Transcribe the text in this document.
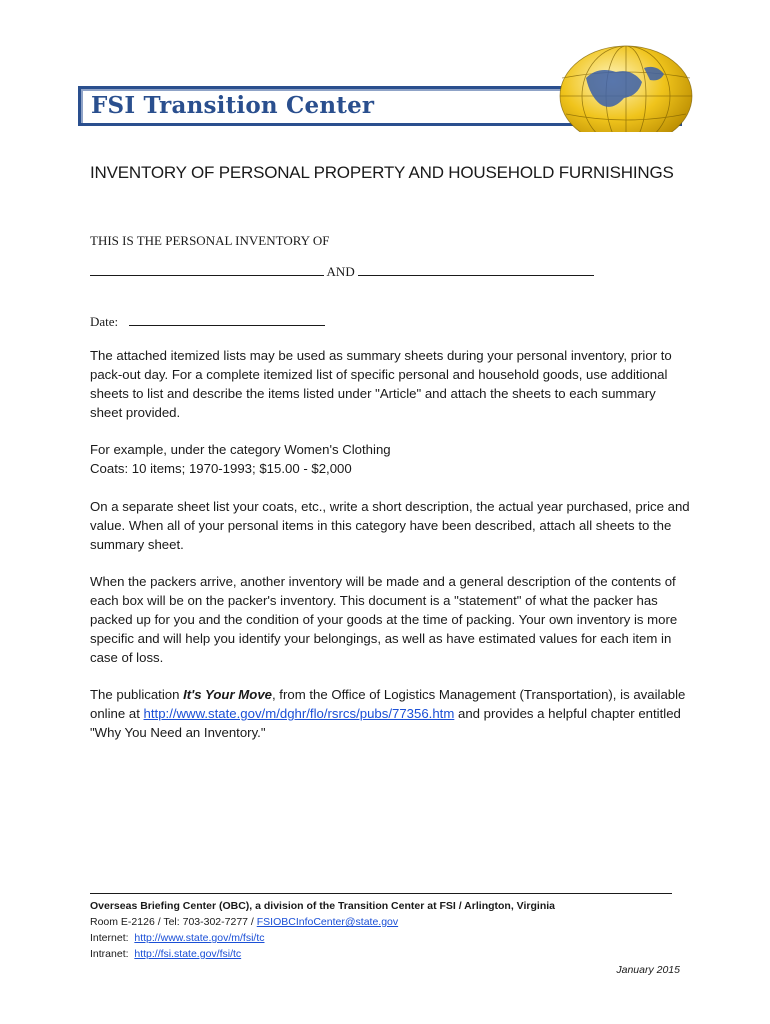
FSI Transition Center
INVENTORY OF PERSONAL PROPERTY AND HOUSEHOLD FURNISHINGS
THIS IS THE PERSONAL INVENTORY OF
AND
Date:

The attached itemized lists may be used as summary sheets during your personal inventory, prior to pack-out day. For a complete itemized list of specific personal and household goods, use additional sheets to list and describe the items listed under "Article" and attach the sheets to each summary sheet provided.

For example, under the category Women's Clothing
Coats: 10 items; 1970-1993; $15.00 - $2,000

On a separate sheet list your coats, etc., write a short description, the actual year purchased, price and value. When all of your personal items in this category have been described, attach all sheets to the summary sheet.

When the packers arrive, another inventory will be made and a general description of the contents of each box will be on the packer's inventory. This document is a "statement" of what the packer has packed up for you and the condition of your goods at the time of packing. Your own inventory is more specific and will help you identify your belongings, as well as have estimated values for each item in case of loss.

The publication It's Your Move, from the Office of Logistics Management (Transportation), is available online at http://www.state.gov/m/dghr/flo/rsrcs/pubs/77356.htm and provides a helpful chapter entitled "Why You Need an Inventory."

Overseas Briefing Center (OBC), a division of the Transition Center at FSI / Arlington, Virginia
Room E-2126 / Tel: 703-302-7277 / FSIOBCInfoCenter@state.gov
Internet:  http://www.state.gov/m/fsi/tc
Intranet:  http://fsi.state.gov/fsi/tc
January 2015
